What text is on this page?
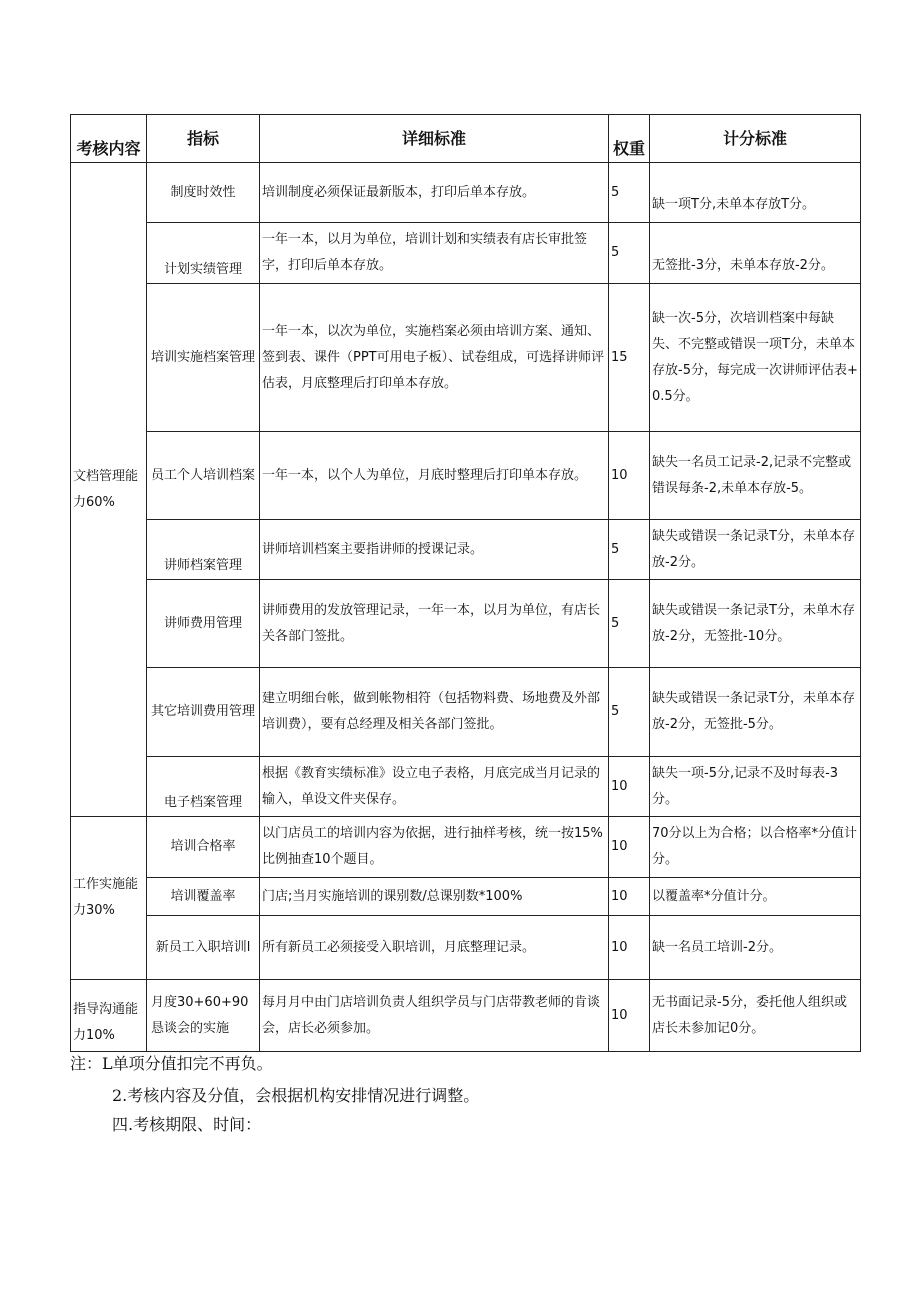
考核内容	指标	详细标准	权重	计分标准
文档管理能力60%	制度时效性	培训制度必须保证最新版本，打印后单本存放。	5	缺一项T分,未单本存放T分。
	计划实绩管理	一年一本，以月为单位，培训计划和实绩表有店长审批签字，打印后单本存放。	5	无签批-3分，未单本存放-2分。
	培训实施档案管理	一年一本，以次为单位，实施档案必须由培训方案、通知、签到表、课件（PPT可用电子板）、试卷组成，可选择讲师评估表，月底整理后打印单本存放。	15	缺一次-5分，次培训档案中每缺失、不完整或错误一项T分，未单本存放-5分，每完成一次讲师评估表+0.5分。
	员工个人培训档案	一年一本，以个人为单位，月底时整理后打印单本存放。	10	缺失一名员工记录-2,记录不完整或错误每条-2,未单本存放-5。
	讲师档案管理	讲师培训档案主要指讲师的授课记录。	5	缺失或错误一条记录T分，未单本存放-2分。
	讲师费用管理	讲师费用的发放管理记录，一年一本，以月为单位，有店长关各部门签批。	5	缺失或错误一条记录T分，未单木存放-2分，无签批-10分。
	其它培训费用管理	建立明细台帐，做到帐物相符（包括物料费、场地费及外部培训费），要有总经理及相关各部门签批。	5	缺失或错误一条记录T分，未单本存放-2分，无签批-5分。
	电子档案管理	根据《教育实绩标准》设立电子表格，月底完成当月记录的输入，单设文件夹保存。	10	缺失一项-5分,记录不及时每表-3分。
工作实施能力30%	培训合格率	以门店员工的培训内容为依据，进行抽样考核，统一按15%比例抽查10个题目。	10	70分以上为合格；以合格率*分值计分。
	培训覆盖率	门店;当月实施培训的课别数/总课别数*100%	10	以覆盖率*分值计分。
	新员工入职培训l	所有新员工必须接受入职培训，月底整理记录。	10	缺一名员工培训-2分。
指导沟通能力10%	月度30+60+90恳谈会的实施	每月月中由门店培训负责人组织学员与门店带教老师的肯谈会，店长必须参加。	10	无书面记录-5分，委托他人组织或店长未参加记0分。
注：L单项分值扣完不再负。
2.考核内容及分值，会根据机构安排情况进行调整。
四.考核期限、时间：
